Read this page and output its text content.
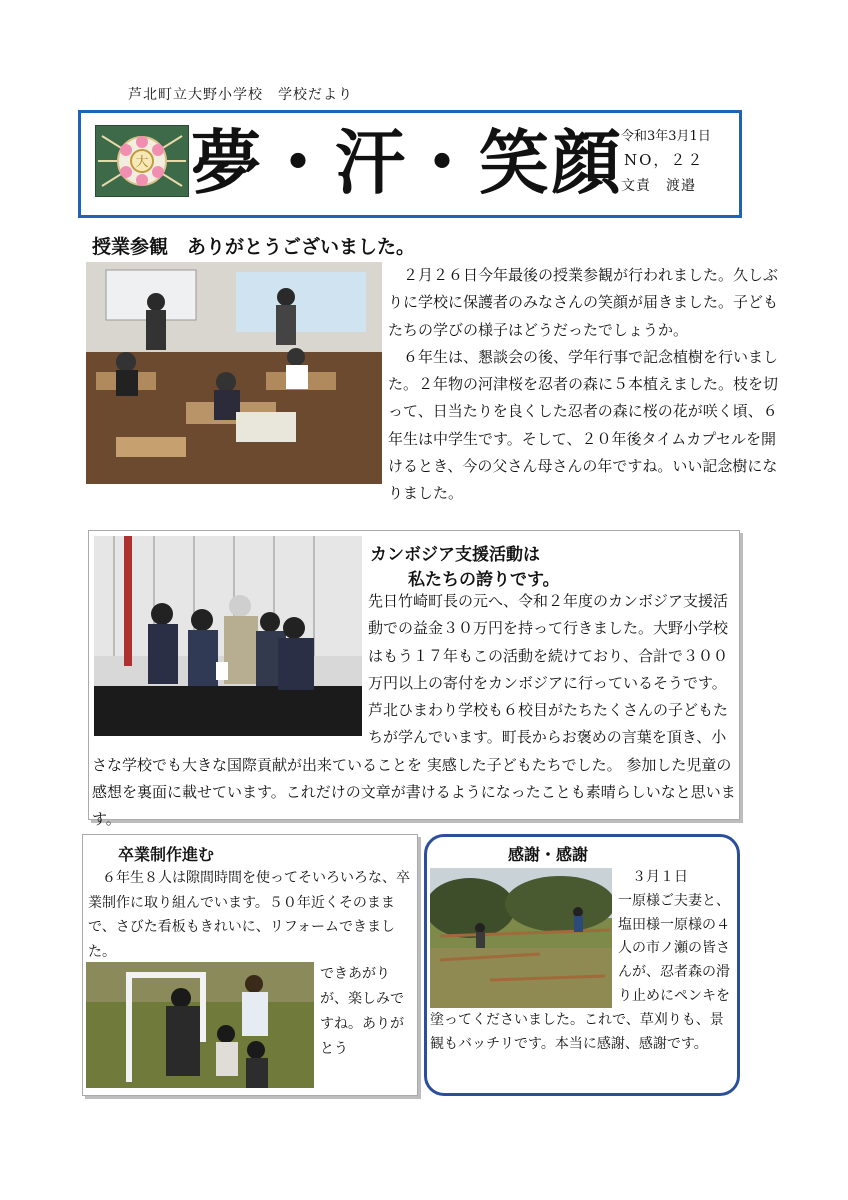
芦北町立大野小学校　学校だより
大 夢・汗・笑顔
令和3年3月1日
NO，２２
文責　渡邉
授業参観　ありがとうございました。

２月２６日今年最後の授業参観が行われました。久しぶりに学校に保護者のみなさんの笑顔が届きました。子どもたちの学びの様子はどうだったでしょうか。

６年生は、懇談会の後、学年行事で記念植樹を行いました。２年物の河津桜を忍者の森に５本植えました。枝を切って、日当たりを良くした忍者の森に桜の花が咲く頃、６年生は中学生です。そして、２０年後タイムカプセルを開けるとき、今の父さん母さんの年ですね。いい記念樹になりました。

カンボジア支援活動は
私たちの誇りです。
先日竹崎町長の元へ、令和２年度のカンボジア支援活動での益金３０万円を持って行きました。大野小学校はもう１７年もこの活動を続けており、合計で３００万円以上の寄付をカンボジアに行っているそうです。芦北ひまわり学校も６校目がたちたくさんの子どもたちが学んでいます。町長からお褒めの言葉を頂き、小さな学校でも大きな国際貢献が出来ていることを 実感した子どもたちでした。 参加した児童の感想を裏面に載せています。これだけの文章が書けるようになったことも素晴らしいなと思います。
卒業制作進む
６年生８人は隙間時間を使ってそいろいろな、卒業制作に取り組んでいます。５０年近くそのままで、さびた看板もきれいに、リフォームできました。
できあがりが、楽しみですね。ありがとう
感謝・感謝
３月１日
一原様ご夫妻と、塩田様一原様の４人の市ノ瀬の皆さんが、忍者森の滑り止めにペンキを塗ってくださいました。これで、草刈りも、景観もバッチリです。本当に感謝、感謝です。
